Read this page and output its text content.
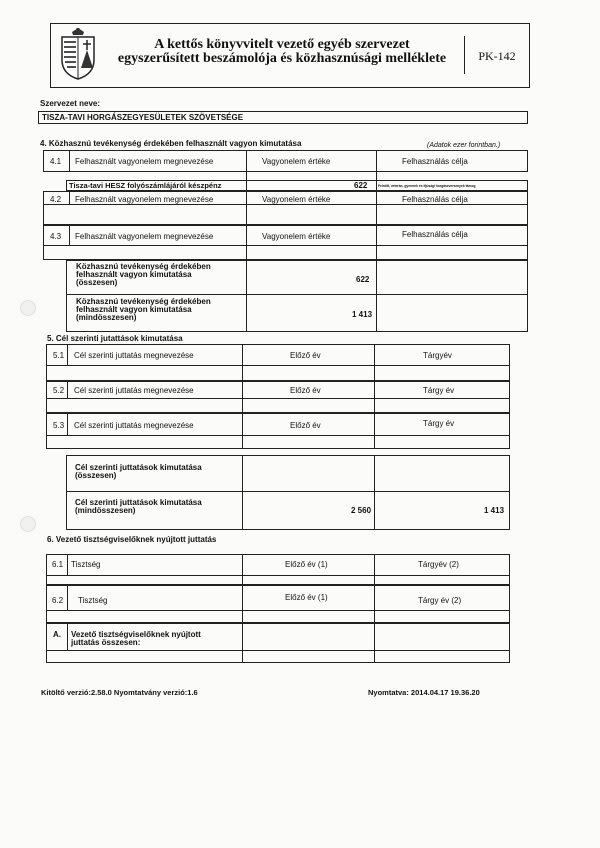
A kettős könyvvitelt vezető egyéb szervezet
egyszerűsített beszámolója és közhasznúsági melléklete	PK-142
Szervezet neve:
TISZA-TAVI HORGÁSZEGYESÜLETEK SZÖVETSÉGE
4. Közhasznú tevékenység érdekében felhasznált vagyon kimutatása	(Adatok ezer forintban.)
4.1 Felhasznált vagyonelem megnevezése	Vagyonelem értéke	Felhasználás célja
Tisza-tavi HESZ folyószámlájáról készpénz	622	Felnőtt, veterán, gyermek és ifjúsági horgászversenyek támog
4.2 Felhasznált vagyonelem megnevezése	Vagyonelem értéke	Felhasználás célja
4.3 Felhasznált vagyonelem megnevezése	Vagyonelem értéke	Felhasználás célja
Közhasznú tevékenység érdekében
felhasznált vagyon kimutatása
(összesen)	622
Közhasznú tevékenység érdekében
felhasznált vagyon kimutatása
(mindösszesen)	1 413
5. Cél szerinti jutattások kimutatása
5.1 Cél szerinti juttatás megnevezése	Előző év	Tárgyév
5.2 Cél szerinti juttatás megnevezése	Előző év	Tárgy év
5.3 Cél szerinti juttatás megnevezése	Előző év	Tárgy év
Cél szerinti juttatások kimutatása
(összesen)
Cél szerinti juttatások kimutatása
(mindösszesen)	2 560	1 413
6. Vezető tisztségviselőknek nyújtott juttatás
6.1 Tisztség	Előző év (1)	Tárgyév (2)
6.2 Tisztség	Előző év (1)	Tárgy év (2)
A. Vezető tisztségviselőknek nyújtott
juttatás összesen:
Kitöltő verzió:2.58.0 Nyomtatvány verzió:1.6	Nyomtatva: 2014.04.17 19.36.20
